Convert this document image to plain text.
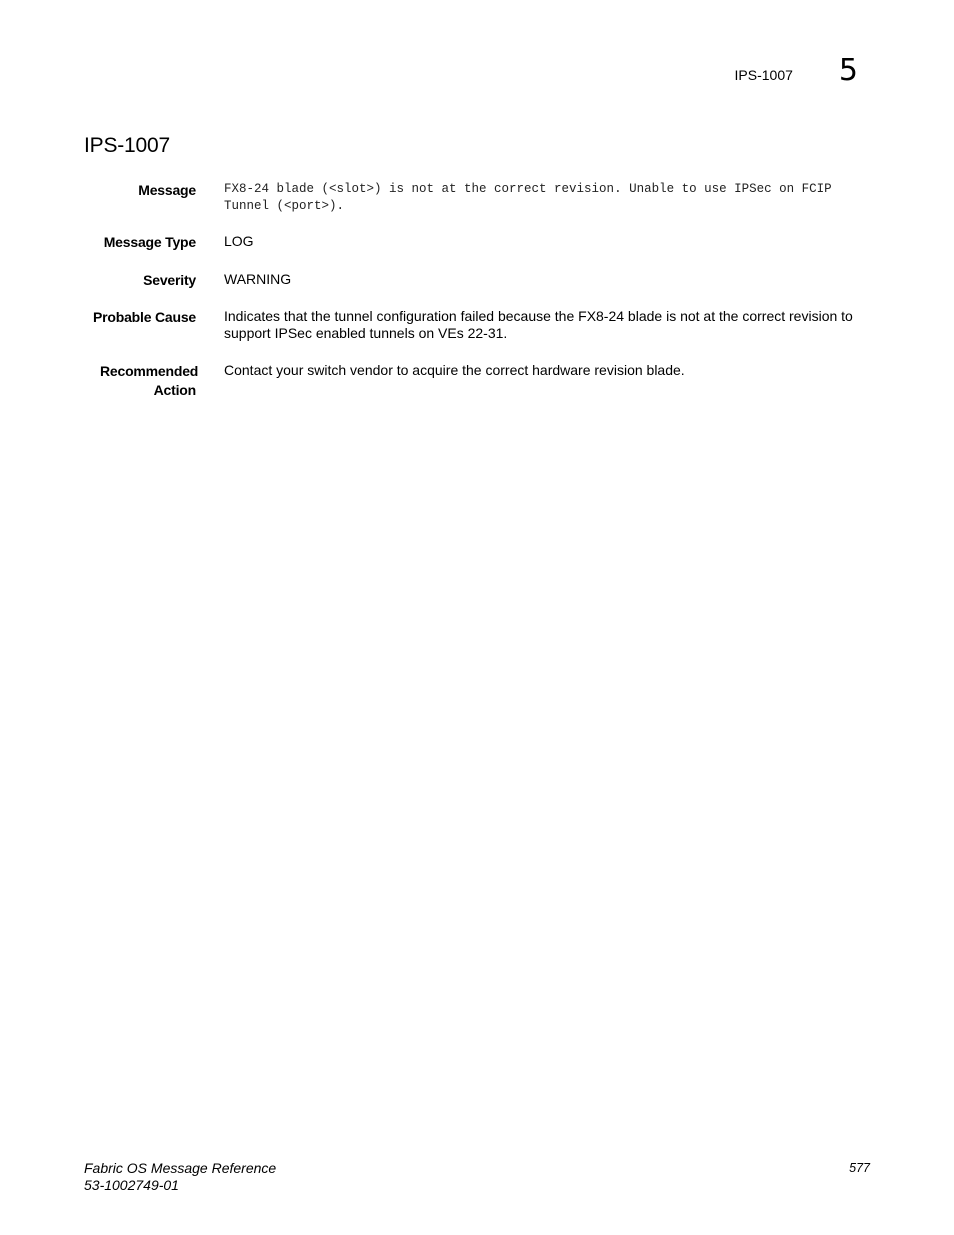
IPS-1007 5
IPS-1007
Message FX8-24 blade (<slot>) is not at the correct revision. Unable to use IPSec on FCIP Tunnel (<port>).
Message Type LOG
Severity WARNING
Probable Cause Indicates that the tunnel configuration failed because the FX8-24 blade is not at the correct revision to support IPSec enabled tunnels on VEs 22-31.
Recommended Action
Contact your switch vendor to acquire the correct hardware revision blade.
Fabric OS Message Reference
53-1002749-01
577
